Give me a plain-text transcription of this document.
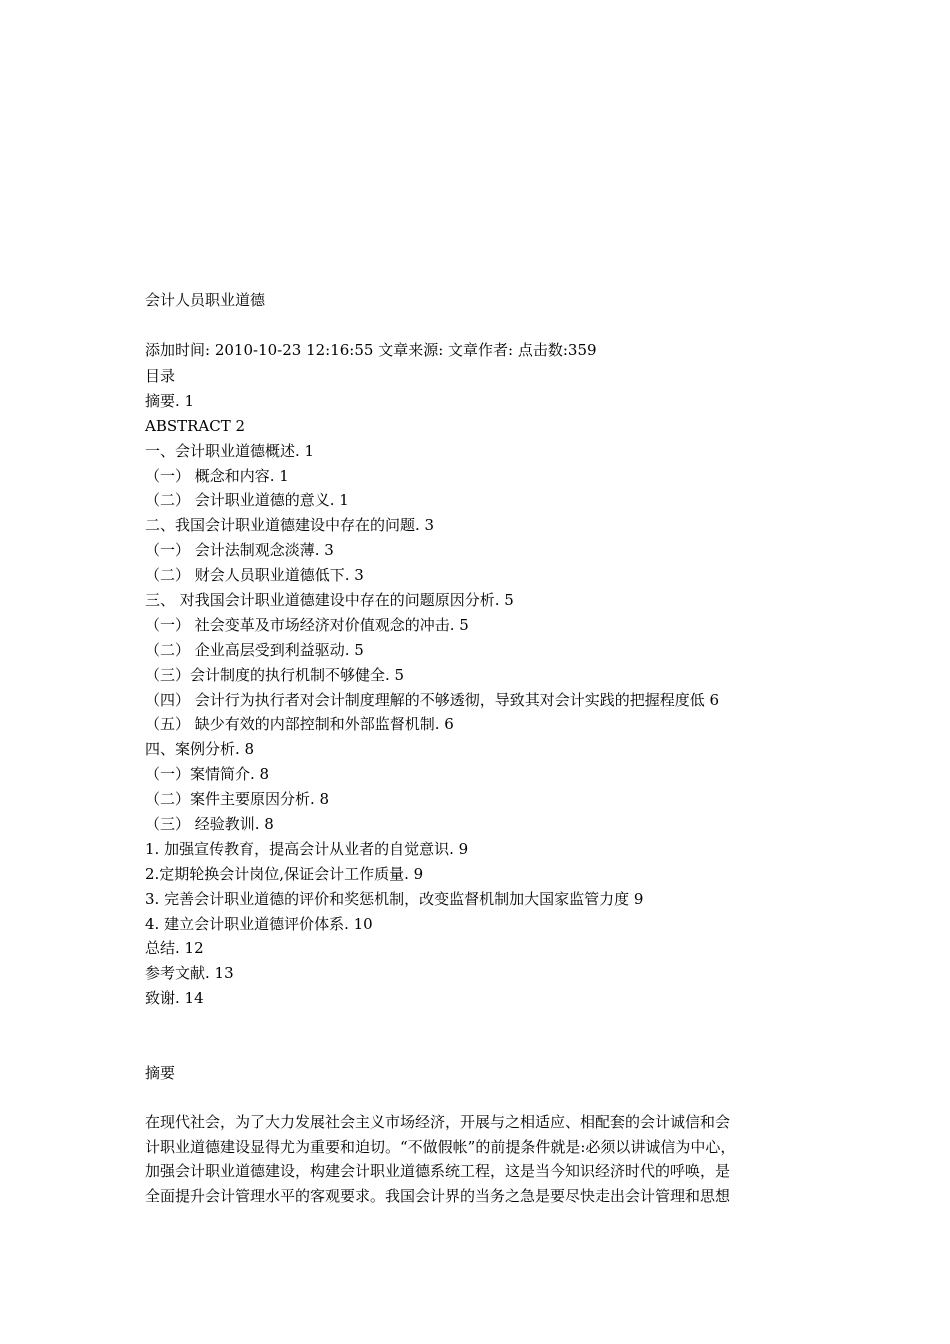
会计人员职业道德
添加时间: 2010-10-23 12:16:55 文章来源: 文章作者: 点击数:359
目录
摘要. 1
ABSTRACT 2
一、会计职业道德概述. 1
（一） 概念和内容. 1
（二） 会计职业道德的意义. 1
二、我国会计职业道德建设中存在的问题. 3
（一） 会计法制观念淡薄. 3
（二） 财会人员职业道德低下. 3
三、 对我国会计职业道德建设中存在的问题原因分析. 5
（一） 社会变革及市场经济对价值观念的冲击. 5
（二） 企业高层受到利益驱动. 5
（三）会计制度的执行机制不够健全. 5
（四） 会计行为执行者对会计制度理解的不够透彻，导致其对会计实践的把握程度低 6
（五） 缺少有效的内部控制和外部监督机制. 6
四、案例分析. 8
（一）案情简介. 8
（二）案件主要原因分析. 8
（三） 经验教训. 8
1. 加强宣传教育，提高会计从业者的自觉意识. 9
2.定期轮换会计岗位,保证会计工作质量. 9
3. 完善会计职业道德的评价和奖惩机制，改变监督机制加大国家监管力度 9
4. 建立会计职业道德评价体系. 10
总结. 12
参考文献. 13
致谢. 14
摘要
在现代社会，为了大力发展社会主义市场经济，开展与之相适应、相配套的会计诚信和会
计职业道德建设显得尤为重要和迫切。“不做假帐”的前提条件就是:必须以讲诚信为中心，
加强会计职业道德建设，构建会计职业道德系统工程，这是当今知识经济时代的呼唤，是
全面提升会计管理水平的客观要求。我国会计界的当务之急是要尽快走出会计管理和思想
